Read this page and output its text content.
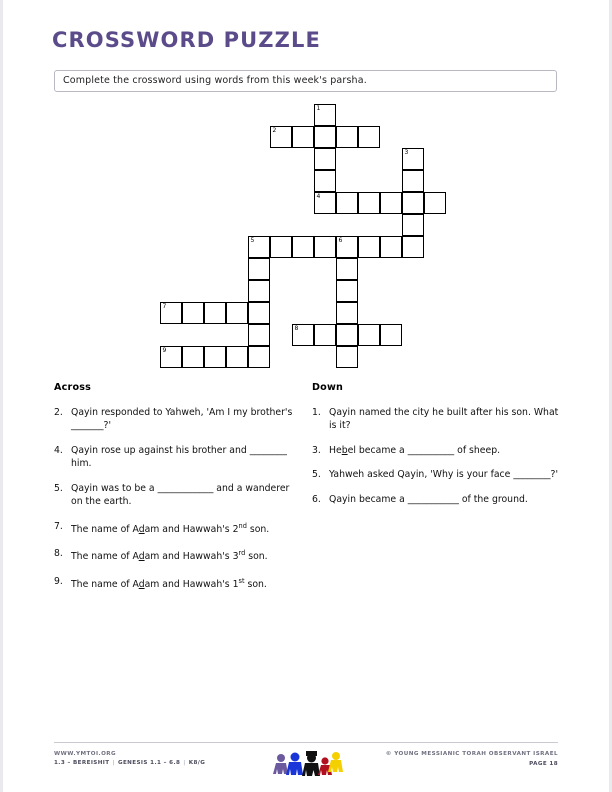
CROSSWORD PUZZLE
Complete the crossword using words from this week's parsha.
1
2
3
4
5	6
7
8
9
Across
2. Qayin responded to Yahweh, 'Am I my brother's _______?'
4. Qayin rose up against his brother and ________ him.
5. Qayin was to be a ____________ and a wanderer on the earth.
7. The name of Adam and Hawwah's 2nd son.
8. The name of Adam and Hawwah's 3rd son.
9. The name of Adam and Hawwah's 1st son.
Down
1. Qayin named the city he built after his son. What is it?
3. Hebel became a __________ of sheep.
5. Yahweh asked Qayin, 'Why is your face ________?'
6. Qayin became a ___________ of the ground.
WWW.YMTOI.ORG
1.3 – BEREISHIT | GENESIS 1.1 – 6.8 | K8/G
© YOUNG MESSIANIC TORAH OBSERVANT ISRAEL
PAGE 18
